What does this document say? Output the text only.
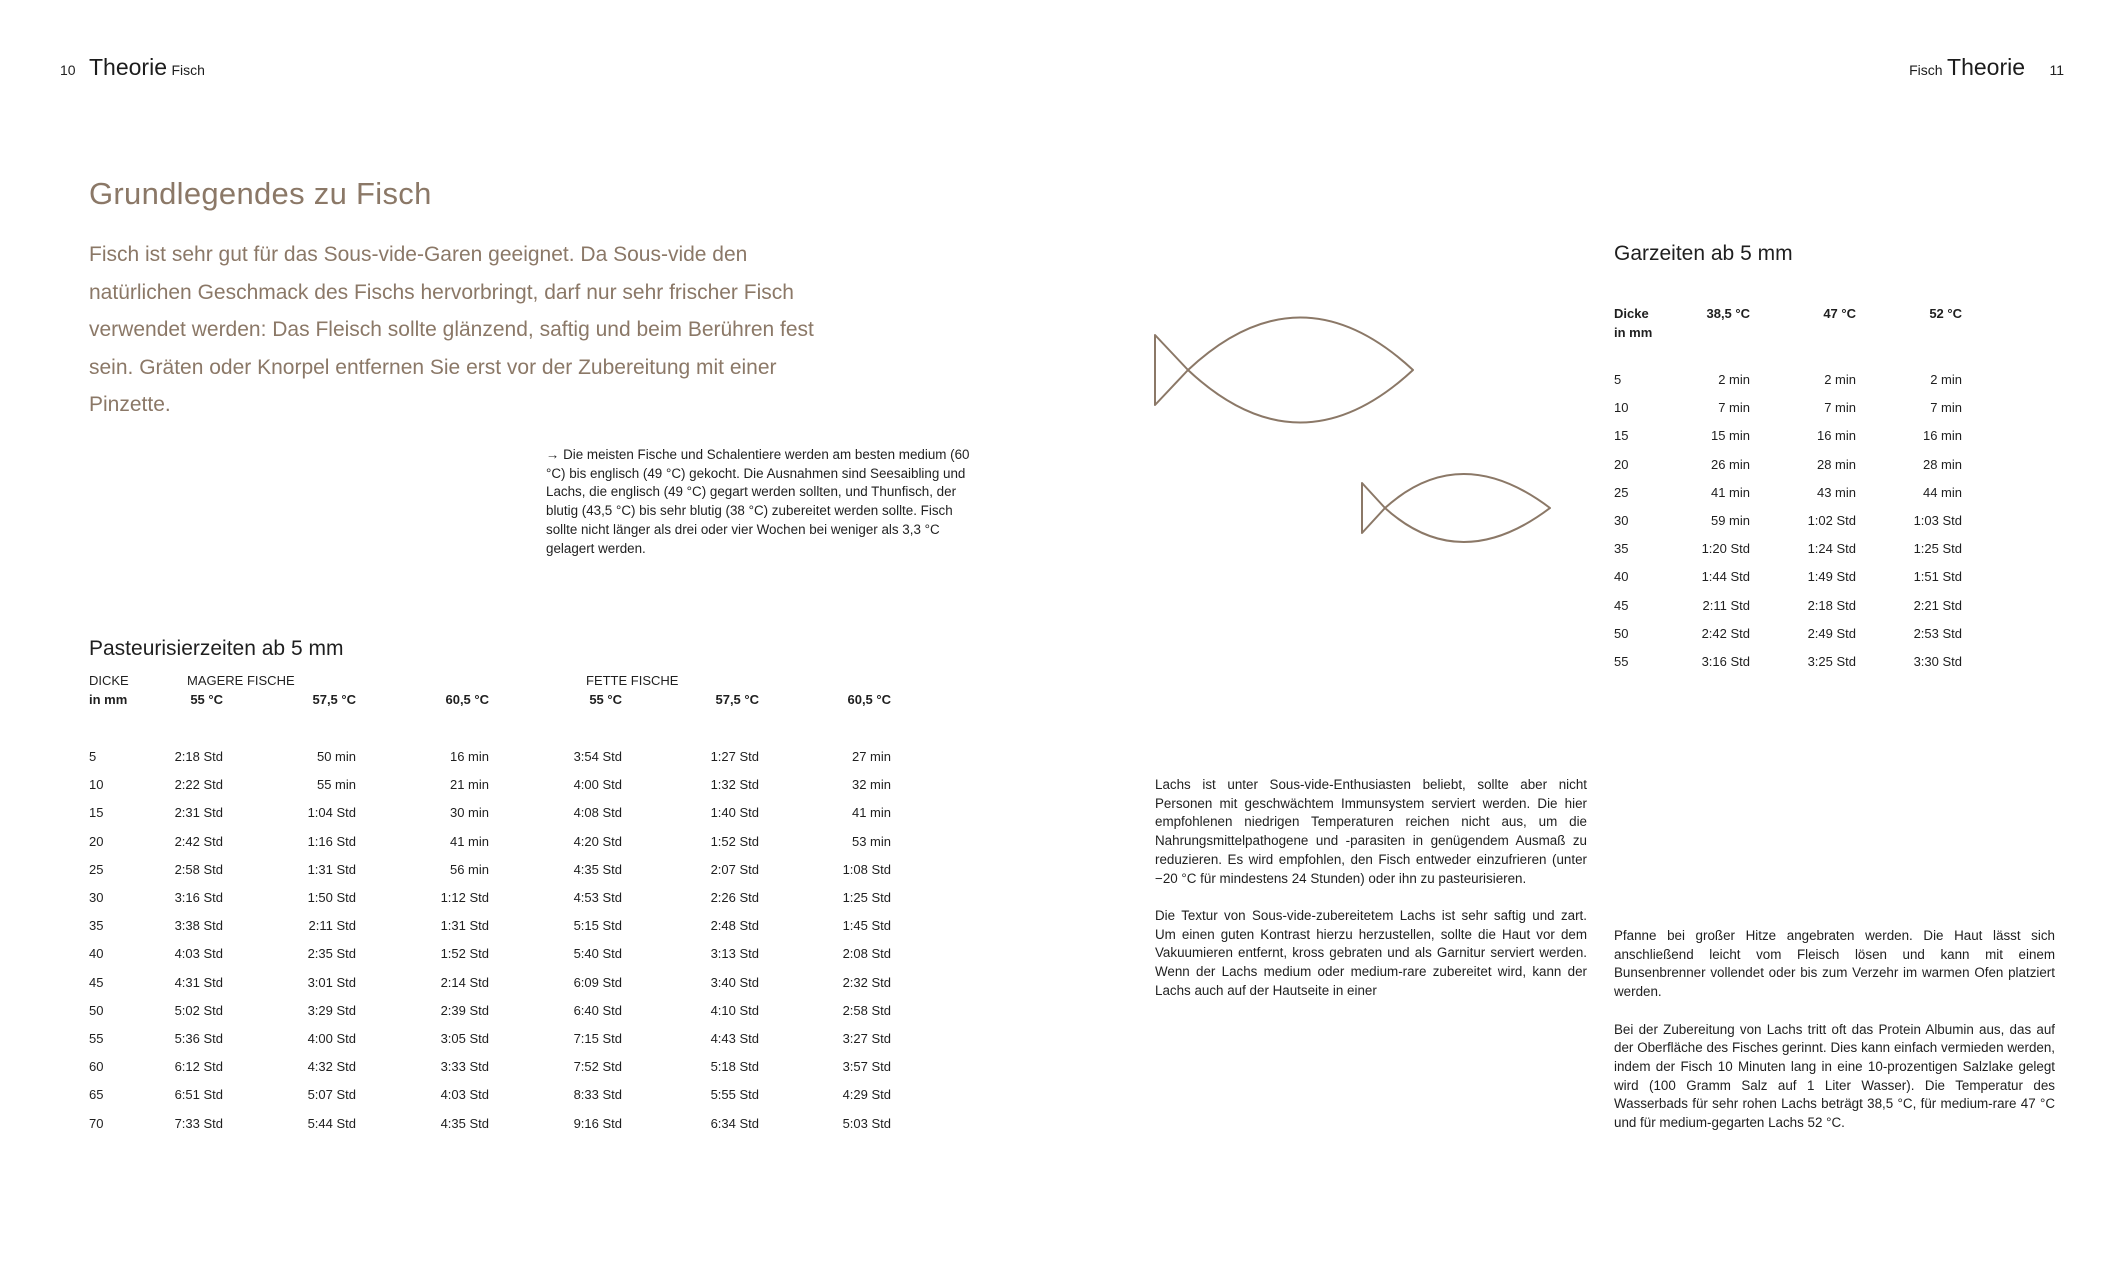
10 Theorie Fisch	Fisch Theorie 11
Grundlegendes zu Fisch
Fisch ist sehr gut für das Sous-vide-Garen geeignet. Da Sous-vide den natürlichen Geschmack des Fischs hervorbringt, darf nur sehr frischer Fisch verwendet werden: Das Fleisch sollte glänzend, saftig und beim Berühren fest sein. Gräten oder Knorpel entfernen Sie erst vor der Zubereitung mit einer Pinzette.
→ Die meisten Fische und Schalentiere werden am besten medium (60 °C) bis englisch (49 °C) gekocht. Die Ausnahmen sind Seesaibling und Lachs, die englisch (49 °C) gegart werden sollten, und Thunfisch, der blutig (43,5 °C) bis sehr blutig (38 °C) zubereitet werden sollte. Fisch sollte nicht länger als drei oder vier Wochen bei weniger als 3,3 °C gelagert werden.
Pasteurisierzeiten ab 5 mm
DICKE	MAGERE FISCHE	FETTE FISCHE
in mm	55 °C	57,5 °C	60,5 °C	55 °C	57,5 °C	60,5 °C
5	2:18 Std	50 min	16 min	3:54 Std	1:27 Std	27 min
10	2:22 Std	55 min	21 min	4:00 Std	1:32 Std	32 min
15	2:31 Std	1:04 Std	30 min	4:08 Std	1:40 Std	41 min
20	2:42 Std	1:16 Std	41 min	4:20 Std	1:52 Std	53 min
25	2:58 Std	1:31 Std	56 min	4:35 Std	2:07 Std	1:08 Std
30	3:16 Std	1:50 Std	1:12 Std	4:53 Std	2:26 Std	1:25 Std
35	3:38 Std	2:11 Std	1:31 Std	5:15 Std	2:48 Std	1:45 Std
40	4:03 Std	2:35 Std	1:52 Std	5:40 Std	3:13 Std	2:08 Std
45	4:31 Std	3:01 Std	2:14 Std	6:09 Std	3:40 Std	2:32 Std
50	5:02 Std	3:29 Std	2:39 Std	6:40 Std	4:10 Std	2:58 Std
55	5:36 Std	4:00 Std	3:05 Std	7:15 Std	4:43 Std	3:27 Std
60	6:12 Std	4:32 Std	3:33 Std	7:52 Std	5:18 Std	3:57 Std
65	6:51 Std	5:07 Std	4:03 Std	8:33 Std	5:55 Std	4:29 Std
70	7:33 Std	5:44 Std	4:35 Std	9:16 Std	6:34 Std	5:03 Std
Garzeiten ab 5 mm
Dicke
in mm
38,5 °C	47 °C	52 °C
5	2 min	2 min	2 min
10	7 min	7 min	7 min
15	15 min	16 min	16 min
20	26 min	28 min	28 min
25	41 min	43 min	44 min
30	59 min	1:02 Std	1:03 Std
35	1:20 Std	1:24 Std	1:25 Std
40	1:44 Std	1:49 Std	1:51 Std
45	2:11 Std	2:18 Std	2:21 Std
50	2:42 Std	2:49 Std	2:53 Std
55	3:16 Std	3:25 Std	3:30 Std

Lachs ist unter Sous-vide-Enthusiasten beliebt, sollte aber nicht Personen mit geschwächtem Immunsystem serviert werden. Die hier empfohlenen niedrigen Temperaturen reichen nicht aus, um die Nahrungsmittelpathogene und -parasiten in genügendem Ausmaß zu reduzieren. Es wird empfohlen, den Fisch entweder einzufrieren (unter −20 °C für mindestens 24 Stunden) oder ihn zu pasteurisieren.

Die Textur von Sous-vide-zubereitetem Lachs ist sehr saftig und zart. Um einen guten Kontrast hierzu herzustellen, sollte die Haut vor dem Vakuumieren entfernt, kross gebraten und als Garnitur serviert werden. Wenn der Lachs medium oder medium-rare zubereitet wird, kann der Lachs auch auf der Hautseite in einer

Pfanne bei großer Hitze angebraten werden. Die Haut lässt sich anschließend leicht vom Fleisch lösen und kann mit einem Bunsenbrenner vollendet oder bis zum Verzehr im warmen Ofen platziert werden.

Bei der Zubereitung von Lachs tritt oft das Protein Albumin aus, das auf der Oberfläche des Fisches gerinnt. Dies kann einfach vermieden werden, indem der Fisch 10 Minuten lang in eine 10-prozentigen Salzlake gelegt wird (100 Gramm Salz auf 1 Liter Wasser). Die Temperatur des Wasserbads für sehr rohen Lachs beträgt 38,5 °C, für medium-rare 47 °C und für medium-gegarten Lachs 52 °C.
